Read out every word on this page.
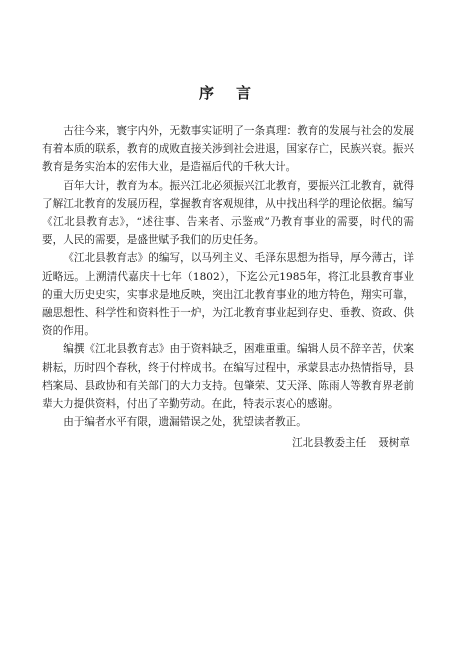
序言

古往今来，寰宇内外，无数事实证明了一条真理：教育的发展与社会的发展有着本质的联系，教育的成败直接关涉到社会进退，国家存亡，民族兴衰。振兴教育是务实治本的宏伟大业，是造福后代的千秋大计。

百年大计，教育为本。振兴江北必须振兴江北教育，要振兴江北教育，就得了解江北教育的发展历程，掌握教育客观规律，从中找出科学的理论依据。编写《江北县教育志》，“述往事、告来者、示鉴戒”乃教育事业的需要，时代的需要，人民的需要，是盛世赋予我们的历史任务。

《江北县教育志》的编写，以马列主义、毛泽东思想为指导，厚今薄古，详近略远。上溯清代嘉庆十七年（1802），下迄公元1985年，将江北县教育事业的重大历史史实，实事求是地反映，突出江北教育事业的地方特色，翔实可靠，融思想性、科学性和资料性于一炉，为江北教育事业起到存史、垂教、资政、供资的作用。

编撰《江北县教育志》由于资料缺乏，困难重重。编辑人员不辞辛苦，伏案耕耘，历时四个春秋，终于付梓成书。在编写过程中，承蒙县志办热情指导，县档案局、县政协和有关部门的大力支持。包肇荣、艾天泽、陈雨人等教育界老前辈大力提供资料，付出了辛勤劳动。在此，特表示衷心的感谢。

由于编者水平有限，遗漏错误之处，犹望读者教正。

江北县教委主任 聂树章
